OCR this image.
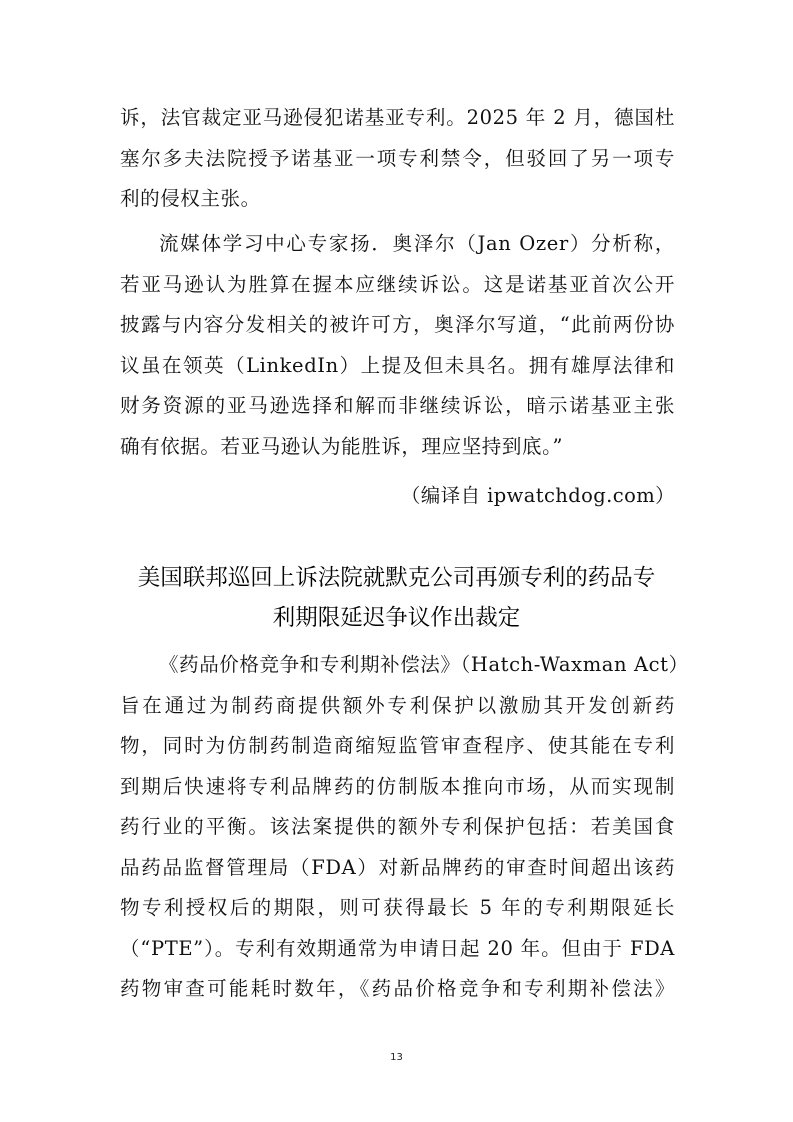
诉，法官裁定亚马逊侵犯诺基亚专利。2025 年 2 月，德国杜
塞尔多夫法院授予诺基亚一项专利禁令，但驳回了另一项专
利的侵权主张。
流媒体学习中心专家扬．奥泽尔（Jan Ozer）分析称，
若亚马逊认为胜算在握本应继续诉讼。这是诺基亚首次公开
披露与内容分发相关的被许可方，奥泽尔写道，“此前两份协
议虽在领英（LinkedIn）上提及但未具名。拥有雄厚法律和
财务资源的亚马逊选择和解而非继续诉讼，暗示诺基亚主张
确有依据。若亚马逊认为能胜诉，理应坚持到底。”
（编译自 ipwatchdog.com）
美国联邦巡回上诉法院就默克公司再颁专利的药品专
利期限延迟争议作出裁定
《药品价格竞争和专利期补偿法》（Hatch-Waxman Act）
旨在通过为制药商提供额外专利保护以激励其开发创新药
物，同时为仿制药制造商缩短监管审查程序、使其能在专利
到期后快速将专利品牌药的仿制版本推向市场，从而实现制
药行业的平衡。该法案提供的额外专利保护包括：若美国食
品药品监督管理局（FDA）对新品牌药的审查时间超出该药
物专利授权后的期限，则可获得最长 5 年的专利期限延长
（“PTE”）。专利有效期通常为申请日起 20 年。但由于 FDA
药物审查可能耗时数年，《药品价格竞争和专利期补偿法》
13
